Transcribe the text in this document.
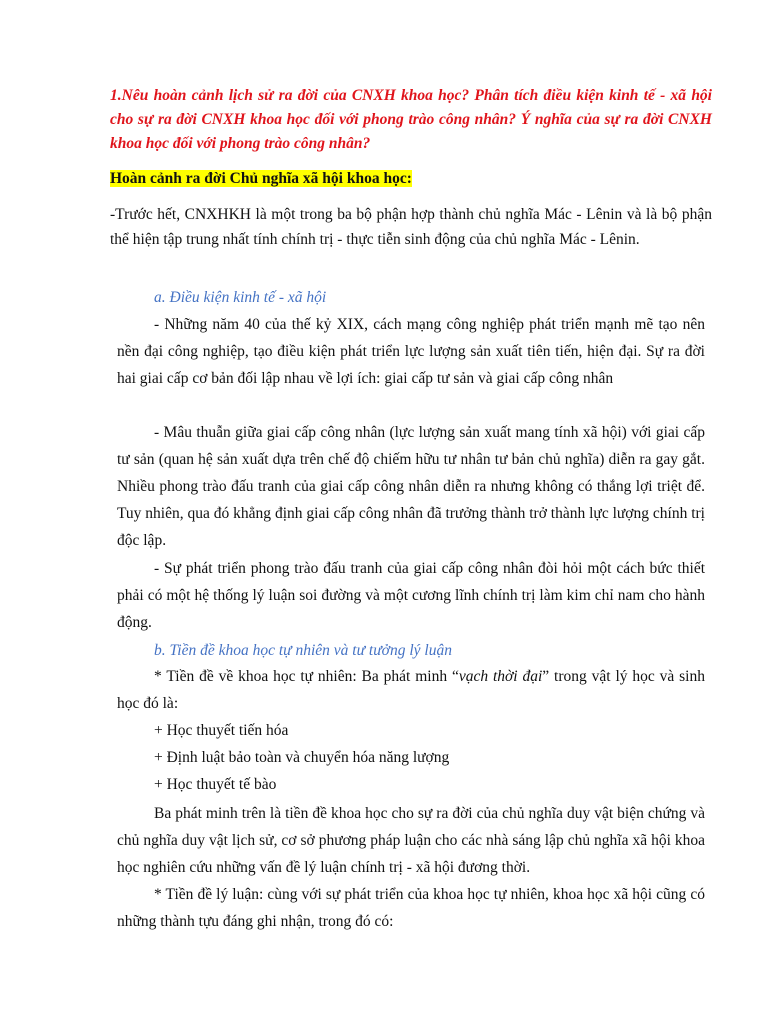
1.Nêu hoàn cảnh lịch sử ra đời của CNXH khoa học? Phân tích điều kiện kinh tế - xã hội cho sự ra đời CNXH khoa học đối với phong trào công nhân? Ý nghĩa của sự ra đời CNXH khoa học đối với phong trào công nhân?
Hoàn cảnh ra đời Chủ nghĩa xã hội khoa học:
-Trước hết, CNXHKH là một trong ba bộ phận hợp thành chủ nghĩa Mác - Lênin và là bộ phận thể hiện tập trung nhất tính chính trị - thực tiễn sinh động của chủ nghĩa Mác - Lênin.
a. Điều kiện kinh tế - xã hội
- Những năm 40 của thế kỷ XIX, cách mạng công nghiệp phát triển mạnh mẽ tạo nên nền đại công nghiệp, tạo điều kiện phát triển lực lượng sản xuất tiên tiến, hiện đại. Sự ra đời hai giai cấp cơ bản đối lập nhau về lợi ích: giai cấp tư sản và giai cấp công nhân
- Mâu thuẫn giữa giai cấp công nhân (lực lượng sản xuất mang tính xã hội) với giai cấp tư sản (quan hệ sản xuất dựa trên chế độ chiếm hữu tư nhân tư bản chủ nghĩa) diễn ra gay gắt. Nhiều phong trào đấu tranh của giai cấp công nhân diễn ra nhưng không có thắng lợi triệt để. Tuy nhiên, qua đó khẳng định giai cấp công nhân đã trưởng thành trở thành lực lượng chính trị độc lập.
- Sự phát triển phong trào đấu tranh của giai cấp công nhân đòi hỏi một cách bức thiết phải có một hệ thống lý luận soi đường và một cương lĩnh chính trị làm kim chỉ nam cho hành động.
b. Tiền đề khoa học tự nhiên và tư tưởng lý luận
* Tiền đề về khoa học tự nhiên: Ba phát minh “vạch thời đại” trong vật lý học và sinh học đó là:
+ Học thuyết tiến hóa
+ Định luật bảo toàn và chuyển hóa năng lượng
+ Học thuyết tế bào
Ba phát minh trên là tiền đề khoa học cho sự ra đời của chủ nghĩa duy vật biện chứng và chủ nghĩa duy vật lịch sử, cơ sở phương pháp luận cho các nhà sáng lập chủ nghĩa xã hội khoa học nghiên cứu những vấn đề lý luận chính trị - xã hội đương thời.
* Tiền đề lý luận: cùng với sự phát triển của khoa học tự nhiên, khoa học xã hội cũng có những thành tựu đáng ghi nhận, trong đó có:
